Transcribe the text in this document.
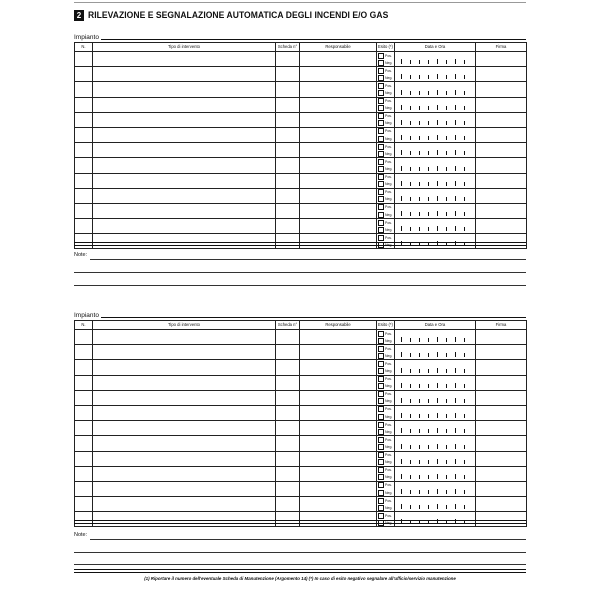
2 RILEVAZIONE E SEGNALAZIONE AUTOMATICA DEGLI INCENDI E/O GAS
Impianto
N.	Tipo di intervento	Scheda n°	Responsabile	Esito (*)	Data e Ora	Firma

				Pos.
Neg.		

				Pos.
Neg.		

				Pos.
Neg.		

				Pos.
Neg.		

				Pos.
Neg.		

				Pos.
Neg.		

				Pos.
Neg.		

				Pos.
Neg.		

				Pos.
Neg.		

				Pos.
Neg.		

				Pos.
Neg.		

				Pos.
Neg.		

				Pos.
Neg.		

Note:
Impianto
N.	Tipo di intervento	Scheda n°	Responsabile	Esito (*)	Data e Ora	Firma

				Pos.
Neg.		

				Pos.
Neg.		

				Pos.
Neg.		

				Pos.
Neg.		

				Pos.
Neg.		

				Pos.
Neg.		

				Pos.
Neg.		

				Pos.
Neg.		

				Pos.
Neg.		

				Pos.
Neg.		

				Pos.
Neg.		

				Pos.
Neg.		

				Pos.
Neg.		

Note:
(1) Riportare il numero dell'eventuale Scheda di Manutenzione (Argomento 14) (*) In caso di esito negativo segnalare all'ufficio/servizio manutenzione
